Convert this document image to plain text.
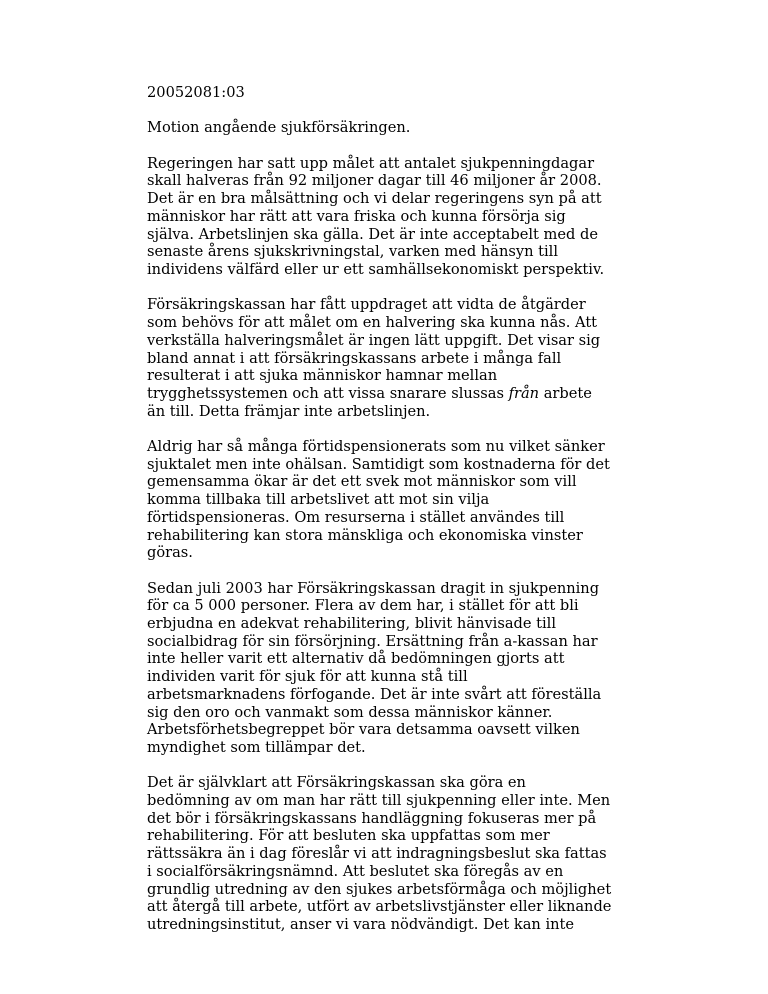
20052081:03

Motion angående sjukförsäkringen.

Regeringen har satt upp målet att antalet sjukpenningdagar
skall halveras från 92 miljoner dagar till 46 miljoner år 2008.
Det är en bra målsättning och vi delar regeringens syn på att
människor har rätt att vara friska och kunna försörja sig
själva. Arbetslinjen ska gälla. Det är inte acceptabelt med de
senaste årens sjukskrivningstal, varken med hänsyn till
individens välfärd eller ur ett samhällsekonomiskt perspektiv.

Försäkringskassan har fått uppdraget att vidta de åtgärder
som behövs för att målet om en halvering ska kunna nås. Att
verkställa halveringsmålet är ingen lätt uppgift. Det visar sig
bland annat i att försäkringskassans arbete i många fall
resulterat i att sjuka människor hamnar mellan
trygghetssystemen och att vissa snarare slussas från arbete
än till. Detta främjar inte arbetslinjen.

Aldrig har så många förtidspensionerats som nu vilket sänker
sjuktalet men inte ohälsan. Samtidigt som kostnaderna för det
gemensamma ökar är det ett svek mot människor som vill
komma tillbaka till arbetslivet att mot sin vilja
förtidspensioneras. Om resurserna i stället användes till
rehabilitering kan stora mänskliga och ekonomiska vinster
göras.

Sedan juli 2003 har Försäkringskassan dragit in sjukpenning
för ca 5 000 personer. Flera av dem har, i stället för att bli
erbjudna en adekvat rehabilitering, blivit hänvisade till
socialbidrag för sin försörjning. Ersättning från a-kassan har
inte heller varit ett alternativ då bedömningen gjorts att
individen varit för sjuk för att kunna stå till
arbetsmarknadens förfogande. Det är inte svårt att föreställa
sig den oro och vanmakt som dessa människor känner.
Arbetsförhetsbegreppet bör vara detsamma oavsett vilken
myndighet som tillämpar det.

Det är självklart att Försäkringskassan ska göra en
bedömning av om man har rätt till sjukpenning eller inte. Men
det bör i försäkringskassans handläggning fokuseras mer på
rehabilitering. För att besluten ska uppfattas som mer
rättssäkra än i dag föreslår vi att indragningsbeslut ska fattas
i socialförsäkringsnämnd. Att beslutet ska föregås av en
grundlig utredning av den sjukes arbetsförmåga och möjlighet
att återgå till arbete, utfört av arbetslivstjänster eller liknande
utredningsinstitut, anser vi vara nödvändigt. Det kan inte
